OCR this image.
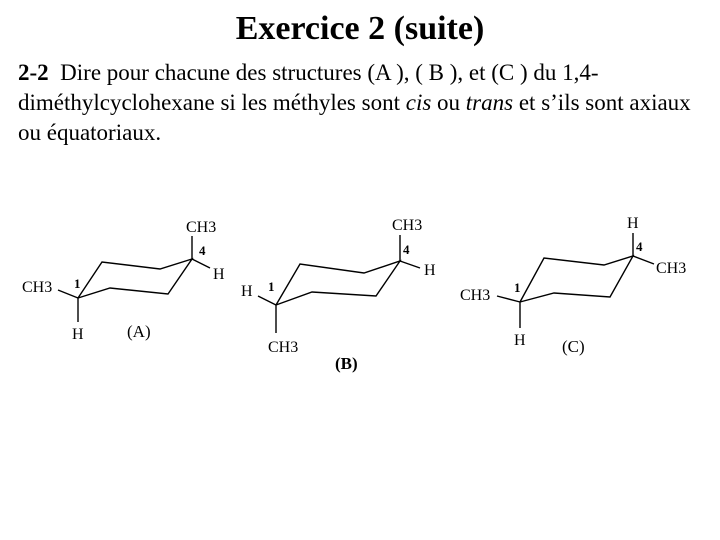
Exercice 2 (suite)
2-2 Dire pour chacune des structures (A ), ( B ), et (C ) du 1,4-diméthylcyclohexane si les méthyles sont cis ou trans et s’ils sont axiaux ou équatoriaux.
CH3
H
1
CH3
H
4
(A)
H
CH3
1
CH3
H
4
(B)
CH3
H
1
H
CH3
4
(C)
